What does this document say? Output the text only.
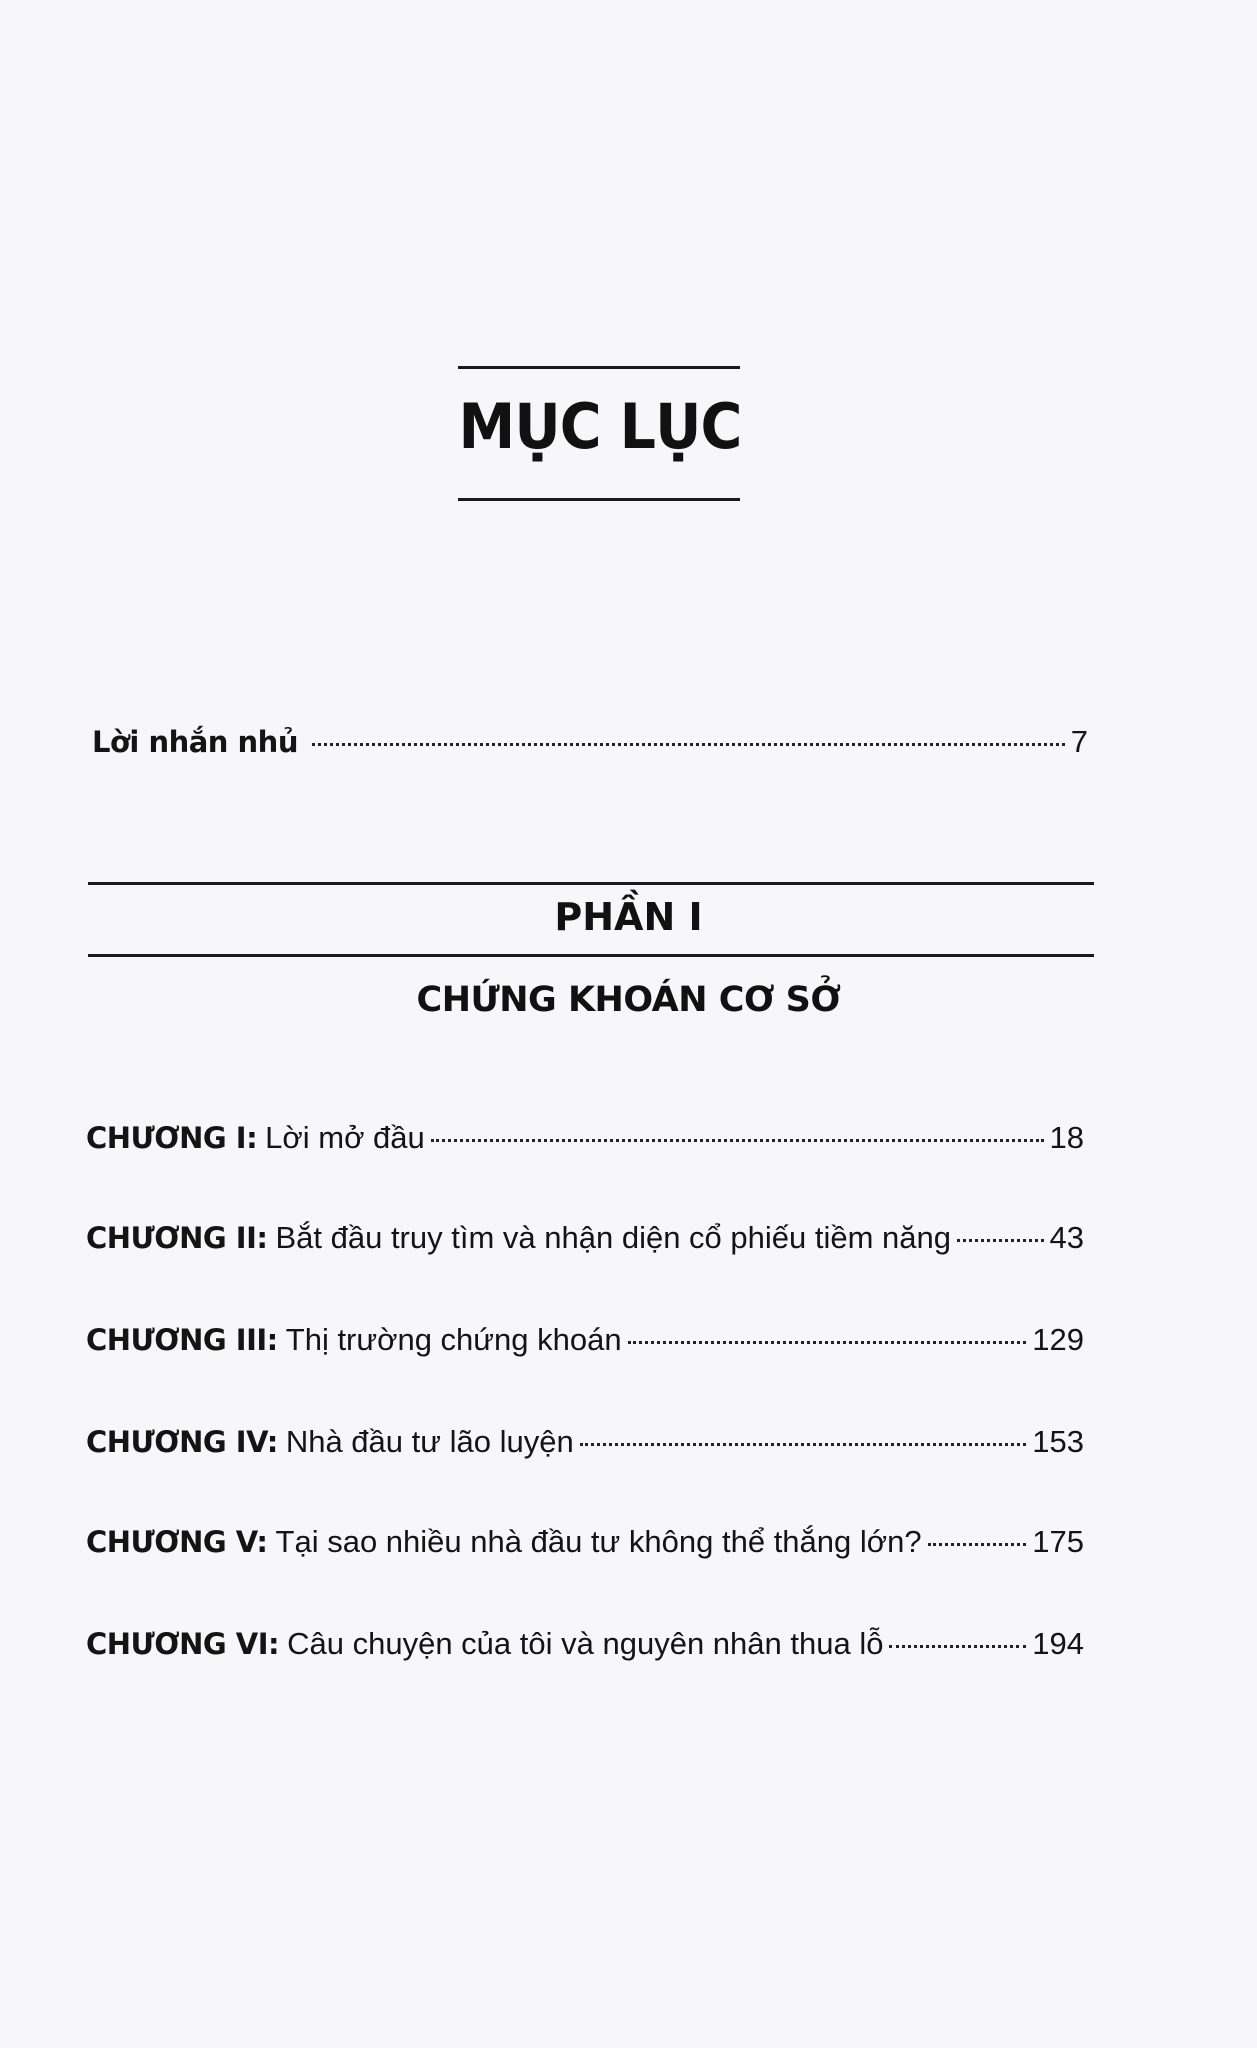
MỤC LỤC
Lời nhắn nhủ	7
PHẦN I
CHỨNG KHOÁN CƠ SỞ
CHƯƠNG I: Lời mở đầu	18
CHƯƠNG II: Bắt đầu truy tìm và nhận diện cổ phiếu tiềm năng	43
CHƯƠNG III: Thị trường chứng khoán	129
CHƯƠNG IV: Nhà đầu tư lão luyện	153
CHƯƠNG V: Tại sao nhiều nhà đầu tư không thể thắng lớn?	175
CHƯƠNG VI: Câu chuyện của tôi và nguyên nhân thua lỗ	194
